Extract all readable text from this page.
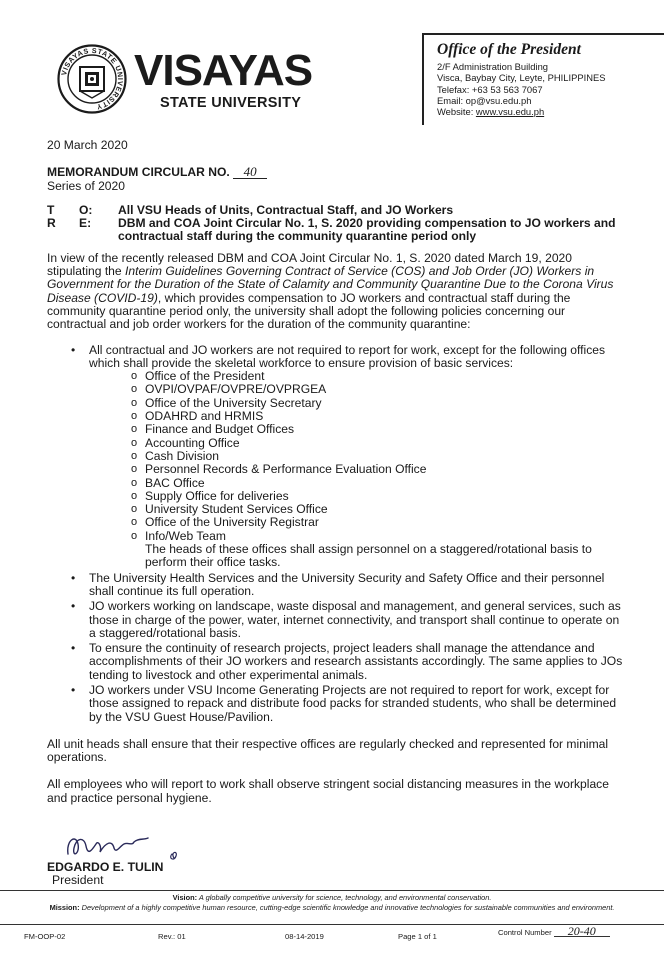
VISAYAS STATE UNIVERSITY
VISAYAS
STATE UNIVERSITY
Office of the President
2/F Administration Building
Visca, Baybay City, Leyte, PHILIPPINES
Telefax: +63 53 563 7067
Email: op@vsu.edu.ph
Website: www.vsu.edu.ph
20 March 2020
MEMORANDUM CIRCULAR NO. 40
Series of 2020
T	O:	All VSU Heads of Units, Contractual Staff, and JO Workers
R	E:	DBM and COA Joint Circular No. 1, S. 2020 providing compensation to JO workers and contractual staff during the community quarantine period only
In view of the recently released DBM and COA Joint Circular No. 1, S. 2020 dated March 19, 2020 stipulating the Interim Guidelines Governing Contract of Service (COS) and Job Order (JO) Workers in Government for the Duration of the State of Calamity and Community Quarantine Due to the Corona Virus Disease (COVID-19), which provides compensation to JO workers and contractual staff during the community quarantine period only, the university shall adopt the following policies concerning our contractual and job order workers for the duration of the community quarantine:
• All contractual and JO workers are not required to report for work, except for the following offices which shall provide the skeletal workforce to ensure provision of basic services:
o Office of the President
o OVPI/OVPAF/OVPRE/OVPRGEA
o Office of the University Secretary
o ODAHRD and HRMIS
o Finance and Budget Offices
o Accounting Office
o Cash Division
o Personnel Records & Performance Evaluation Office
o BAC Office
o Supply Office for deliveries
o University Student Services Office
o Office of the University Registrar
o Info/Web Team
The heads of these offices shall assign personnel on a staggered/rotational basis to perform their office tasks.
• The University Health Services and the University Security and Safety Office and their personnel shall continue its full operation.
• JO workers working on landscape, waste disposal and management, and general services, such as those in charge of the power, water, internet connectivity, and transport shall continue to operate on a staggered/rotational basis.
• To ensure the continuity of research projects, project leaders shall manage the attendance and accomplishments of their JO workers and research assistants accordingly. The same applies to JOs tending to livestock and other experimental animals.
• JO workers under VSU Income Generating Projects are not required to report for work, except for those assigned to repack and distribute food packs for stranded students, who shall be determined by the VSU Guest House/Pavilion.
All unit heads shall ensure that their respective offices are regularly checked and represented for minimal operations.
All employees who will report to work shall observe stringent social distancing measures in the workplace and practice personal hygiene.
EDGARDO E. TULIN
President
Vision: A globally competitive university for science, technology, and environmental conservation.
Mission: Development of a highly competitive human resource, cutting-edge scientific knowledge and innovative technologies for sustainable communities and environment.
FM-OOP-02	Rev.: 01	08-14-2019	Page 1 of 1	Control Number 20-40
